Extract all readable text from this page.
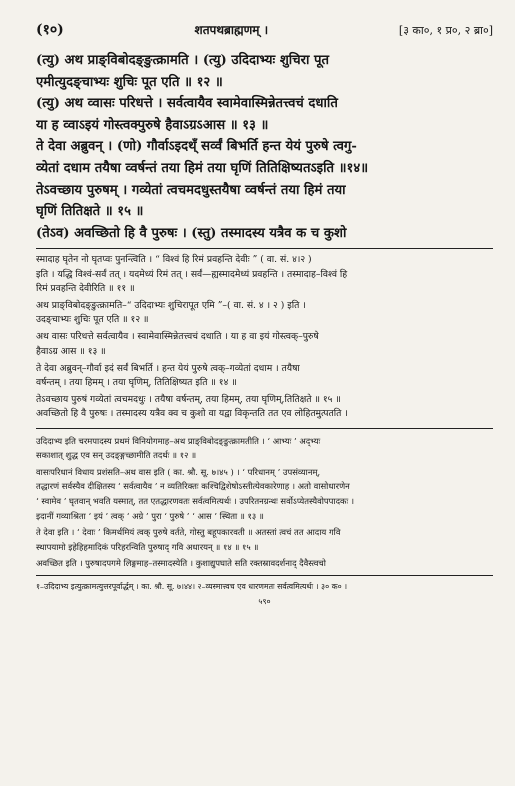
(१०)	शतपथब्राह्मणम् ।	[३ का०, १ प्र०, २ ब्रा०]

(त्यु) अथ प्राङ्विबोदङ्ङुत्क्रामति । (त्यु) उदिदाभ्यः शुचिरा पूत

एमीत्युदङ्चाभ्यः शुचिः पूत एति ॥ १२ ॥

(त्यु) अथ व्वासः परिधत्ते । सर्वत्वायैव स्वामेवास्मिन्नेतत्त्वचं दधाति

या ह व्वाऽइयं गोस्त्वक्पुरुषे हैवाऽग्रऽआस ॥ १३ ॥

ते देवा अब्रुवन् । (णो) गौर्वाऽइदथ्ँ सर्व्वं बिभर्ति हन्त येयं पुरुषे त्वगु-

व्येतां दधाम तयैषा व्वर्षन्तं तया हिमं तया घृणिं तितिक्षिष्यतऽइति ॥१४॥

तेऽवच्छाय पुरुषम् । गव्येतां त्वचमदधुस्तयैषा व्वर्षन्तं तया हिमं तया

घृणिं तितिक्षते ॥ १५ ॥

(तेऽव) अवच्छितो हि वै पुरुषः । (स्तु) तस्मादस्य यत्रैव क च कुशो

स्मादाह घृतेन नो घृतप्वः पुनन्त्विति । “ विश्वं हि रिमं प्रवहन्ति देवीः ” ( वा. सं. ४।२ )

इति । यद्धि विश्वं-सर्वं तत् । यदमेध्यं रिमं तत् । सर्वं—ह्यस्मादमेध्यं प्रवहन्ति । तस्मादाह–विश्वं हि

रिमं प्रवहन्ति देवीरिति ॥ ११ ॥

अथ प्राङ्विबोदङ्ङुत्क्रामति–“ उदिदाभ्यः शुचिरापूत एमि ”–( वा. सं. ४ । २ ) इति ।

उदङ्चाभ्यः शुचिः पूत एति ॥ १२ ॥

अथ वासः परिधत्ते सर्वत्वायैव । स्वामेवास्मिन्नेतत्त्वचं दधाति । या ह वा इयं गोस्त्वक्–पुरुषे

हैवाऽग्र आस ॥ १३ ॥

ते देवा अब्रुवन्–गौर्वा इदं सर्वं बिभर्ति । हन्त येयं पुरुषे त्वक्–गव्येतां दधाम । तयैषा

वर्षन्तम् । तया हिमम् । तया घृणिम्, तितिक्षिष्यत इति ॥ १४ ॥

तेऽवच्छाय पुरुषं गव्येतां त्वचमदधुः । तयैषा वर्षन्तम्, तया हिमम्, तया घृणिम्,तितिक्षते ॥ १५ ॥

अवच्छितो हि वै पुरुषः । तस्मादस्य यत्रैव क्व च कुशो वा यद्वा विकृन्तति तत एव लोहितमुत्पतति ।

उदिदाभ्य इति चरमपादस्य प्रथमं विनियोगमाह–अथ प्राङ्विबोदङ्ङुत्क्रामतीति । ‘ आभ्यः ’ अद्भ्यः

सकाशात् शुद्ध एव सन् उदङ्ङ्गच्छामीति तदर्थः ॥ १२ ॥

वासःपरिधानं विधाय प्रशंसति–अथ वास इति ( का. श्रौ. सू. ७।४५ ) । ‘ परिधानम् ’ उपसंव्यानम्,

तद्धारणं सर्वस्यैव दीक्षितस्य ‘ सर्वत्वायैव ’ न व्यतिरिक्तः कश्चिद्विशेषोऽस्तीत्येवकारेणाह । अतो वासोधारणेन

‘ स्वामेव ’ घृतवान् भवति यस्मात्, तत एतद्धारणवतः सर्वत्वमित्यर्थः । उपरितनग्रन्थः सर्वोऽप्येतस्यैवोपपादकः ।

इदानीं गव्याश्रिता ‘ इयं ’ त्वक् ‘ अग्रे ’ पुरा ‘ पुरुषे ’ ‘ आस ’ स्थिता ॥ १३ ॥

ते देवा इति । ‘ देवाः ’ किमर्थमियं त्वक् पुरुषे वर्तते, गोस्तु बहूपकारवती ॥ अतस्तां त्वचं तत आदाय गवि

स्थापयामो इहेहिहमादिकं परिहरन्विति पुरुषाद् गवि अधारयन् ॥ १४ ॥ १५ ॥

अवच्छित इति । पुरुषादपगमे लिङ्गमाह–तस्मादस्येति । कुशाद्युपघाते सति रक्तस्रावदर्शनाद् दैवैस्त्वचो

१–उदिदाभ्य इत्युत्क्रामत्युत्तरपूर्वार्द्धम् । का. श्रौ. सू. ७।४४। २–व्यस्मात्त्वच एव धारणमतः सर्वत्वमित्यर्थः । ३० क० ।

५९०
